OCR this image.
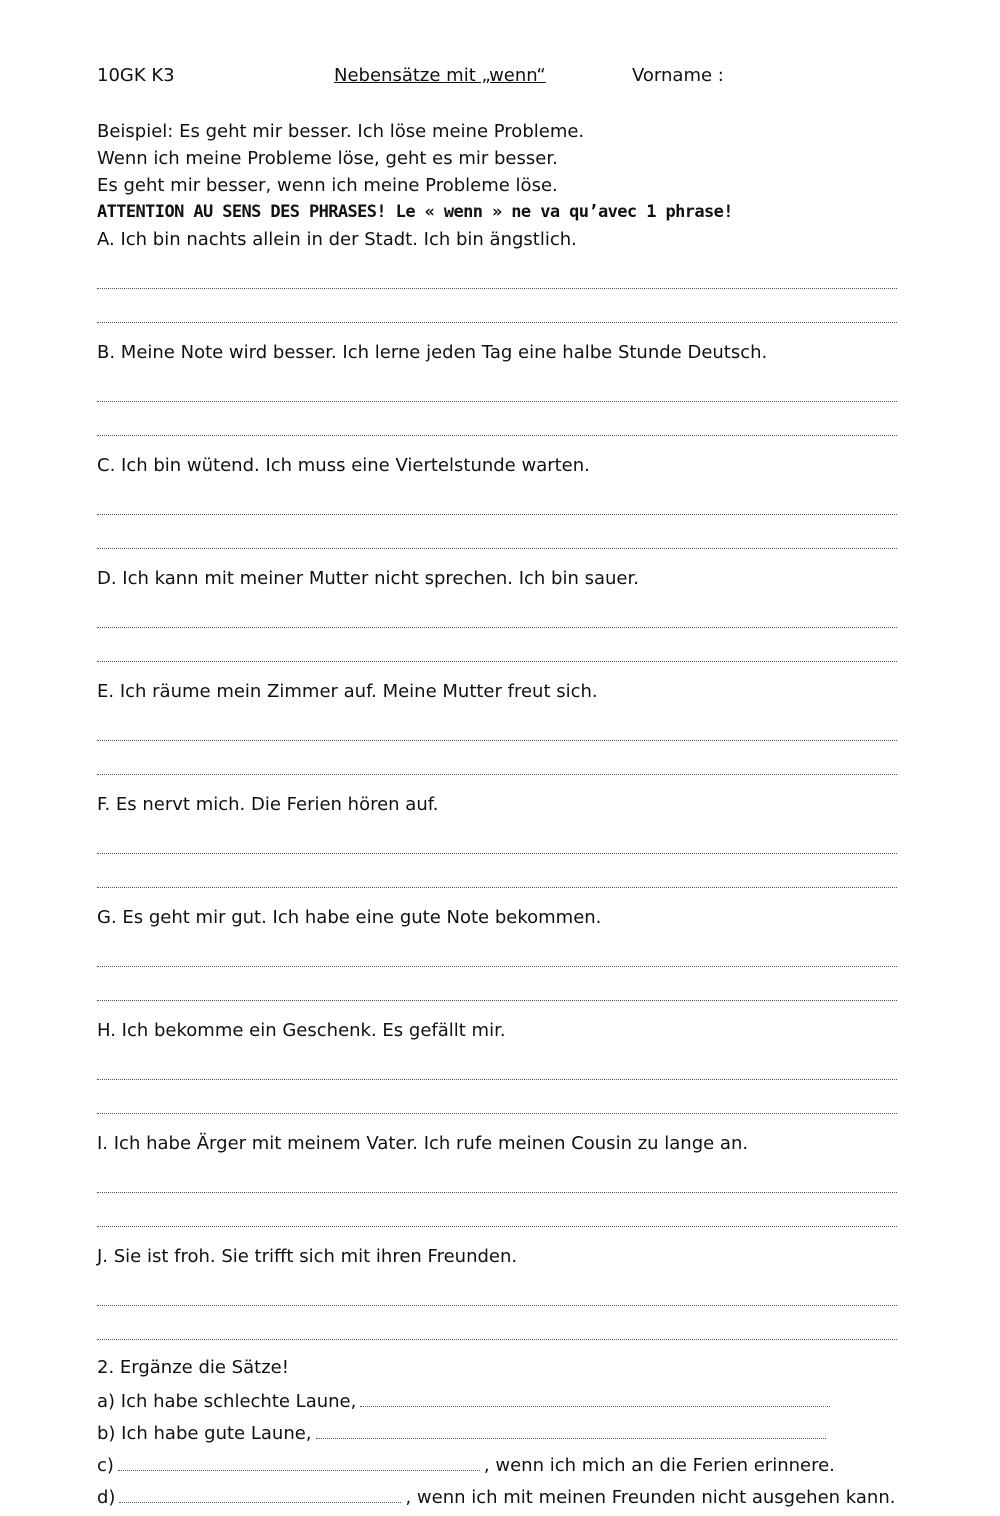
10GK K3	Nebensätze mit „wenn“	Vorname :
Beispiel: Es geht mir besser. Ich löse meine Probleme.
Wenn ich meine Probleme löse, geht es mir besser.
Es geht mir besser, wenn ich meine Probleme löse.
ATTENTION AU SENS DES PHRASES! Le « wenn » ne va qu’avec 1 phrase!
A. Ich bin nachts allein in der Stadt. Ich bin ängstlich.
B. Meine Note wird besser. Ich lerne jeden Tag eine halbe Stunde Deutsch.
C. Ich bin wütend. Ich muss eine Viertelstunde warten.
D. Ich kann mit meiner Mutter nicht sprechen. Ich bin sauer.
E. Ich räume mein Zimmer auf. Meine Mutter freut sich.
F. Es nervt mich. Die Ferien hören auf.
G. Es geht mir gut. Ich habe eine gute Note bekommen.
H. Ich bekomme ein Geschenk. Es gefällt mir.
I. Ich habe Ärger mit meinem Vater. Ich rufe meinen Cousin zu lange an.
J. Sie ist froh. Sie trifft sich mit ihren Freunden.
2. Ergänze die Sätze!
a) Ich habe schlechte Laune,
b) Ich habe gute Laune,
c)	, wenn ich mich an die Ferien erinnere.
d)	, wenn ich mit meinen Freunden nicht ausgehen kann.
